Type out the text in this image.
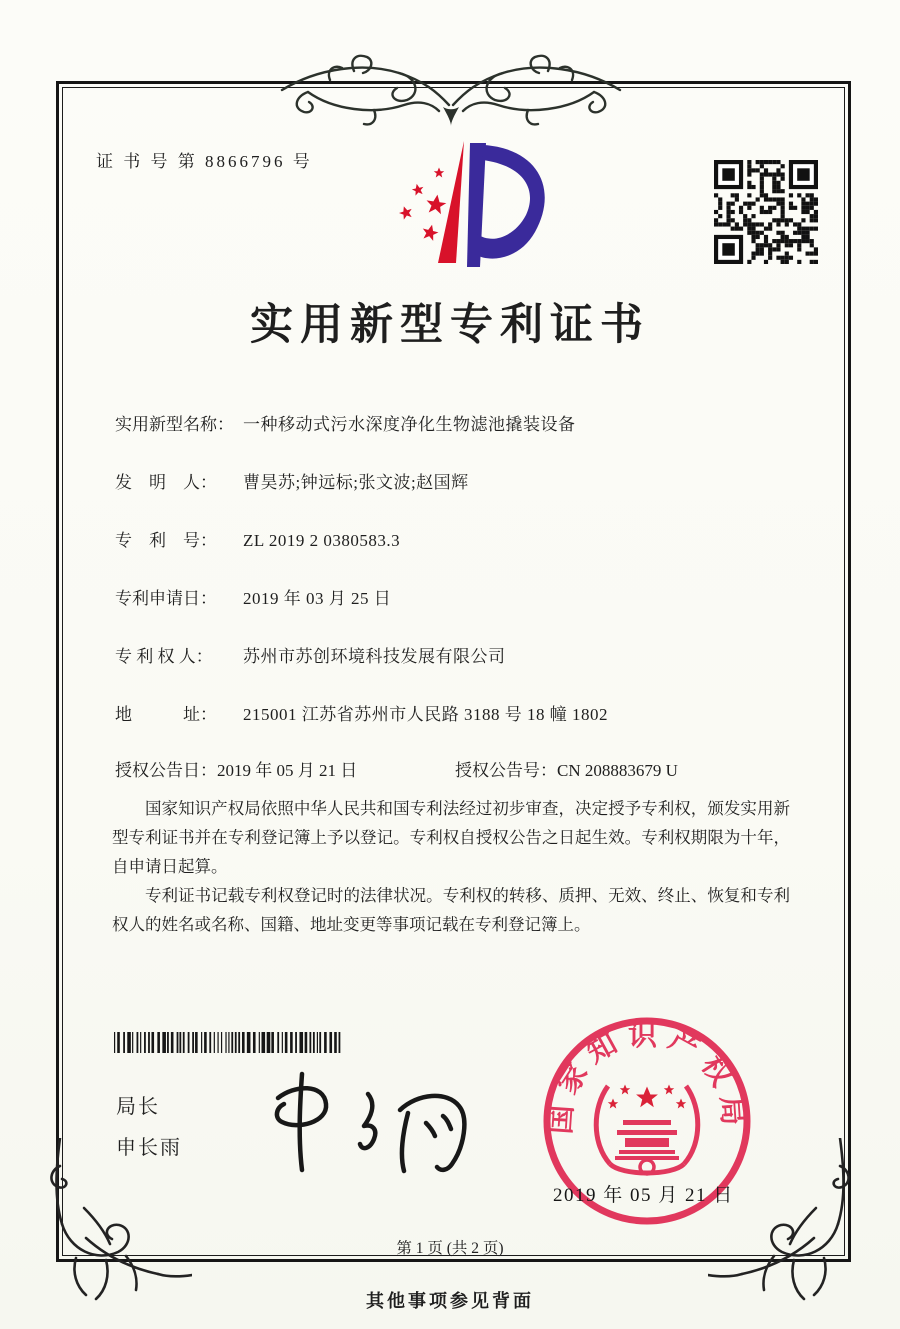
证 书 号 第 8866796 号
实用新型专利证书
实用新型名称： 一种移动式污水深度净化生物滤池撬装设备
发　明　人： 曹昊苏;钟远标;张文波;赵国辉
专　利　号： ZL 2019 2 0380583.3
专利申请日： 2019 年 03 月 25 日
专 利 权 人： 苏州市苏创环境科技发展有限公司
地　　　址： 215001 江苏省苏州市人民路 3188 号 18 幢 1802
授权公告日：2019 年 05 月 21 日	授权公告号：CN 208883679 U

国家知识产权局依照中华人民共和国专利法经过初步审查，决定授予专利权，颁发实用新型专利证书并在专利登记簿上予以登记。专利权自授权公告之日起生效。专利权期限为十年，自申请日起算。

专利证书记载专利权登记时的法律状况。专利权的转移、质押、无效、终止、恢复和专利权人的姓名或名称、国籍、地址变更等事项记载在专利登记簿上。

局长
申长雨
国家知识产权局
2019 年 05 月 21 日
第 1 页 (共 2 页)
其他事项参见背面
